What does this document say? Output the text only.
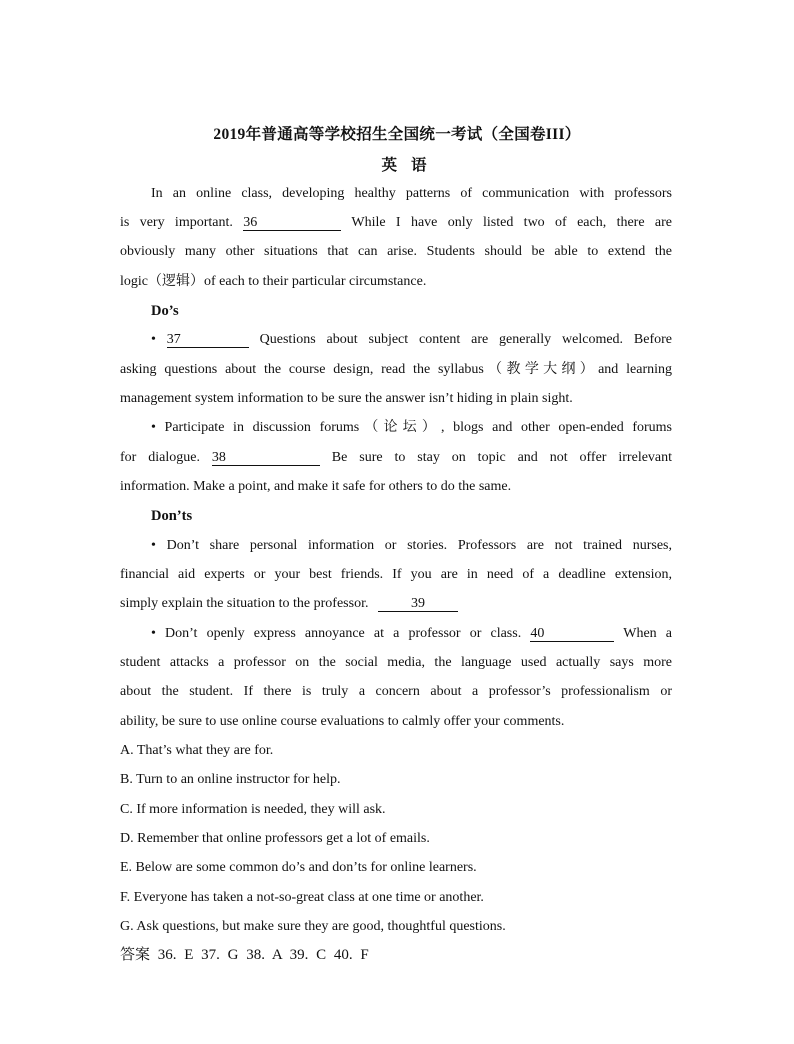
2019年普通高等学校招生全国统一考试（全国卷III）
英语
In an online class, developing healthy patterns of communication with professors
is very important. 36	While I have only listed two of each, there are
obviously many other situations that can arise. Students should be able to extend the
logic（逻辑）of each to their particular circumstance.
Do’s
• 37	Questions about subject content are generally welcomed. Before
asking questions about the course design, read the syllabus（教学大纲）and learning
management system information to be sure the answer isn’t hiding in plain sight.
• Participate in discussion forums（论坛）, blogs and other open-ended forums
for dialogue. 38	Be sure to stay on topic and not offer irrelevant
information. Make a point, and make it safe for others to do the same.
Don’ts
• Don’t share personal information or stories. Professors are not trained nurses,
financial aid experts or your best friends. If you are in need of a deadline extension,
simply explain the situation to the professor.	39
• Don’t openly express annoyance at a professor or class. 40	When a
student attacks a professor on the social media, the language used actually says more
about the student. If there is truly a concern about a professor’s professionalism or
ability, be sure to use online course evaluations to calmly offer your comments.
A. That’s what they are for.
B. Turn to an online instructor for help.
C. If more information is needed, they will ask.
D. Remember that online professors get a lot of emails.
E. Below are some common do’s and don’ts for online learners.
F. Everyone has taken a not-so-great class at one time or another.
G. Ask questions, but make sure they are good, thoughtful questions.
答案 36. E 37. G 38. A 39. C 40. F
